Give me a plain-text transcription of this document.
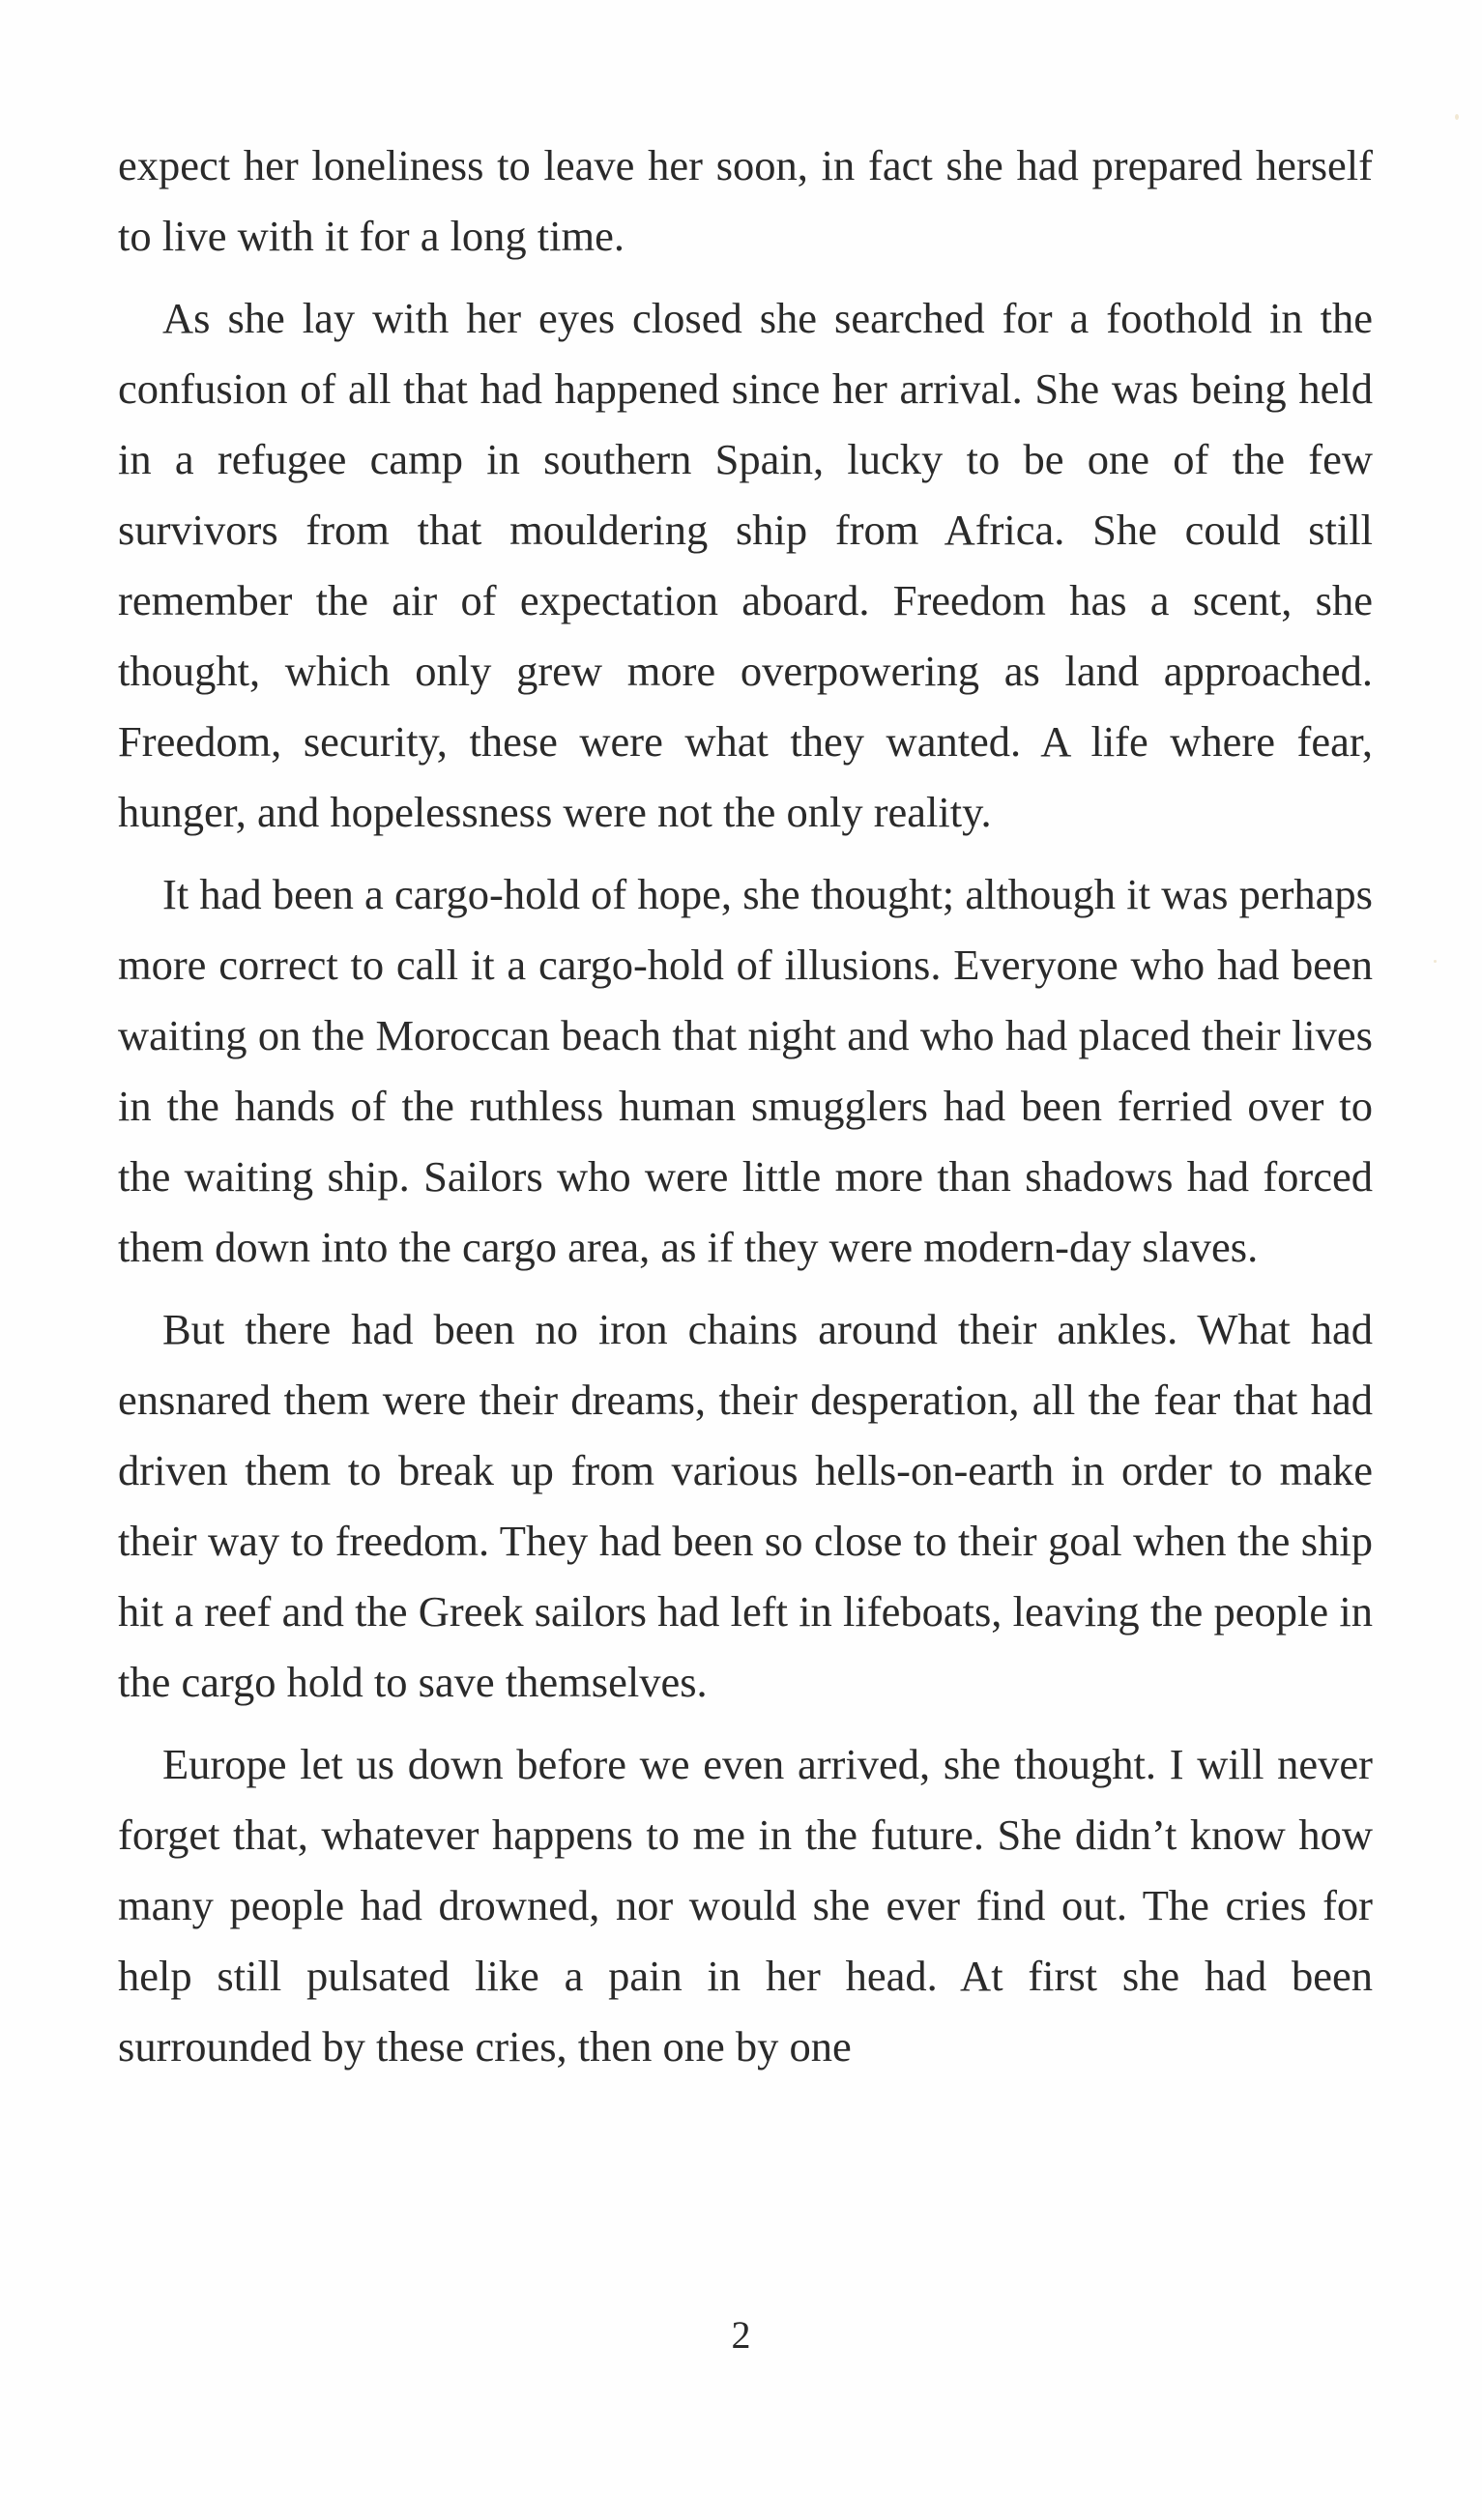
expect her loneliness to leave her soon, in fact she had prepared herself to live with it for a long time.

As she lay with her eyes closed she searched for a foothold in the confusion of all that had happened since her arrival. She was being held in a refugee camp in southern Spain, lucky to be one of the few survivors from that mouldering ship from Africa. She could still remember the air of expectation aboard. Freedom has a scent, she thought, which only grew more overpowering as land approached. Freedom, security, these were what they wanted. A life where fear, hunger, and hopelessness were not the only reality.

It had been a cargo-hold of hope, she thought; although it was perhaps more correct to call it a cargo-hold of illusions. Everyone who had been waiting on the Moroccan beach that night and who had placed their lives in the hands of the ruthless human smugglers had been ferried over to the waiting ship. Sailors who were little more than shadows had forced them down into the cargo area, as if they were modern-day slaves.

But there had been no iron chains around their ankles. What had ensnared them were their dreams, their desperation, all the fear that had driven them to break up from various hells-on-earth in order to make their way to freedom. They had been so close to their goal when the ship hit a reef and the Greek sailors had left in lifeboats, leaving the people in the cargo hold to save themselves.

Europe let us down before we even arrived, she thought. I will never forget that, whatever happens to me in the future. She didn’t know how many people had drowned, nor would she ever find out. The cries for help still pulsated like a pain in her head. At first she had been surrounded by these cries, then one by one

2
